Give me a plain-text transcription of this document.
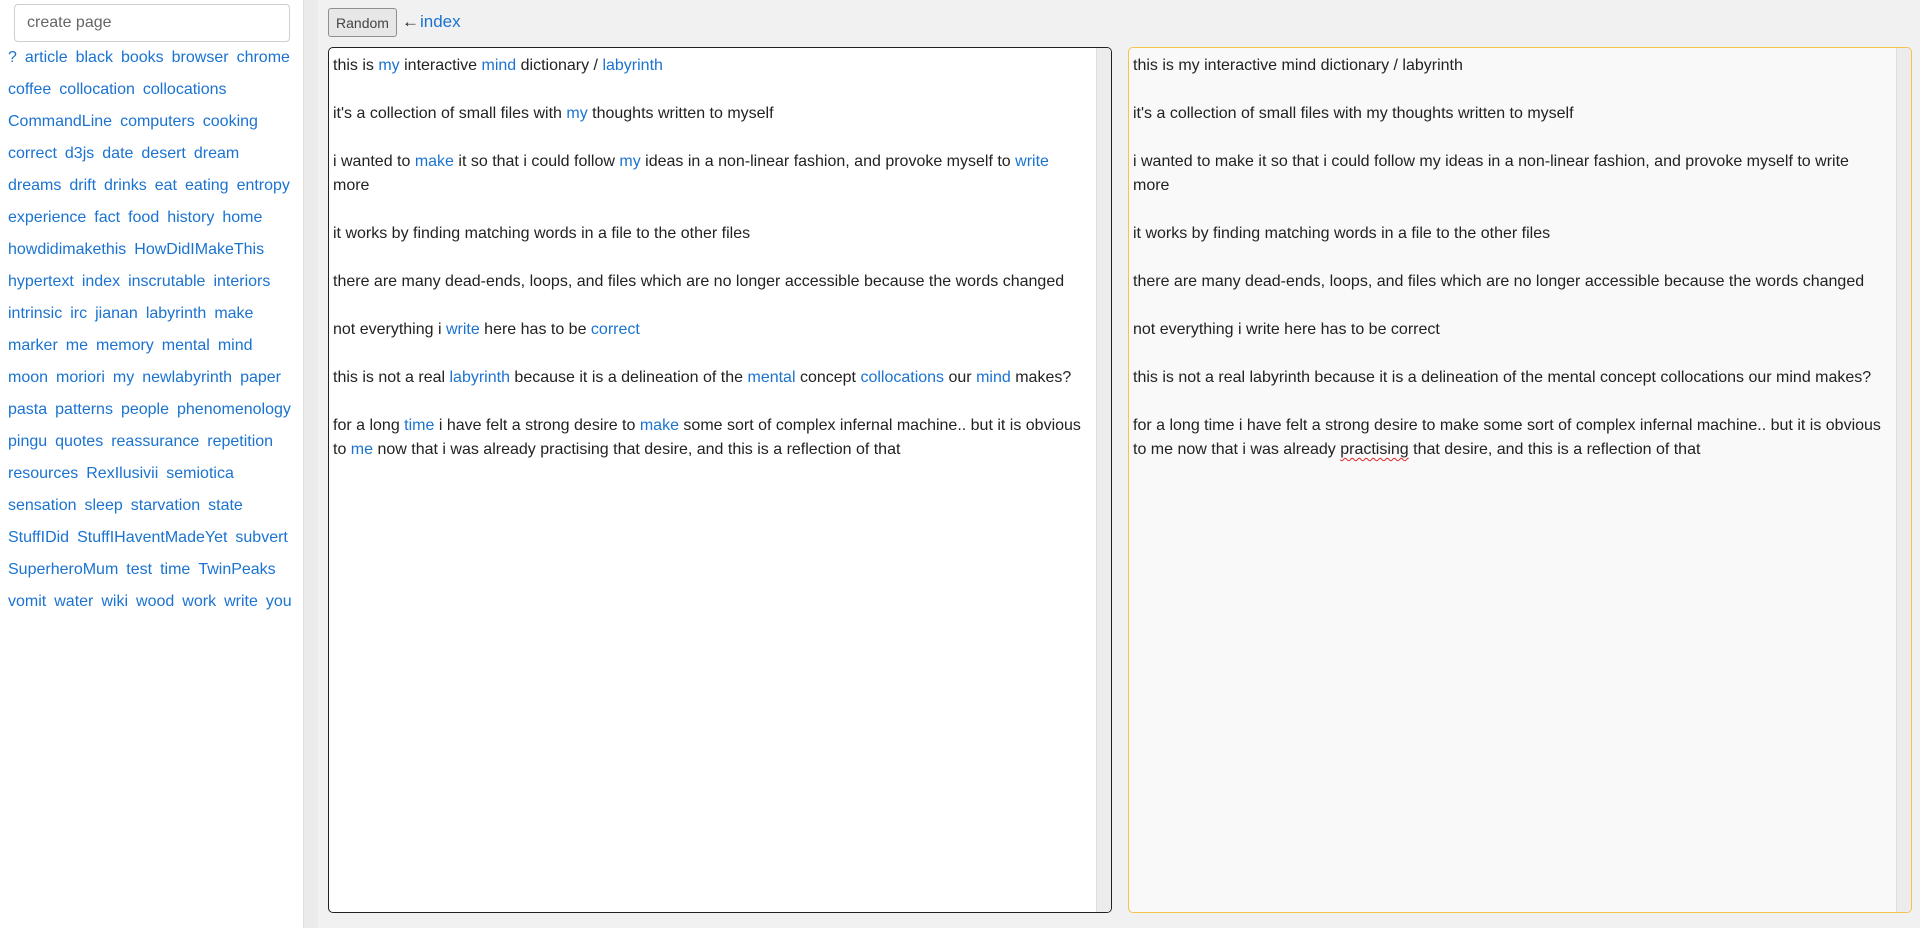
create page
? article black books browser chrome
coffee collocation collocations
CommandLine computers cooking
correct d3js date desert dream
dreams drift drinks eat eating entropy
experience fact food history home
howdidimakethis HowDidIMakeThis
hypertext index inscrutable interiors
intrinsic irc jianan labyrinth make
marker me memory mental mind
moon moriori my newlabyrinth paper
pasta patterns people phenomenology
pingu quotes reassurance repetition
resources RexIlusivii semiotica
sensation sleep starvation state
StuffIDid StuffIHaventMadeYet subvert
SuperheroMum test time TwinPeaks
vomit water wiki wood work write you
Random ← index

this is my interactive mind dictionary / labyrinth

it's a collection of small files with my thoughts written to myself

i wanted to make it so that i could follow my ideas in a non-linear fashion, and provoke myself to write more

it works by finding matching words in a file to the other files

there are many dead-ends, loops, and files which are no longer accessible because the words changed

not everything i write here has to be correct

this is not a real labyrinth because it is a delineation of the mental concept collocations our mind makes?

for a long time i have felt a strong desire to make some sort of complex infernal machine.. but it is obvious to me now that i was already practising that desire, and this is a reflection of that

this is my interactive mind dictionary / labyrinth

it's a collection of small files with my thoughts written to myself

i wanted to make it so that i could follow my ideas in a non-linear fashion, and provoke myself to write more

it works by finding matching words in a file to the other files

there are many dead-ends, loops, and files which are no longer accessible because the words changed

not everything i write here has to be correct

this is not a real labyrinth because it is a delineation of the mental concept collocations our mind makes?

for a long time i have felt a strong desire to make some sort of complex infernal machine.. but it is obvious to me now that i was already practising that desire, and this is a reflection of that
